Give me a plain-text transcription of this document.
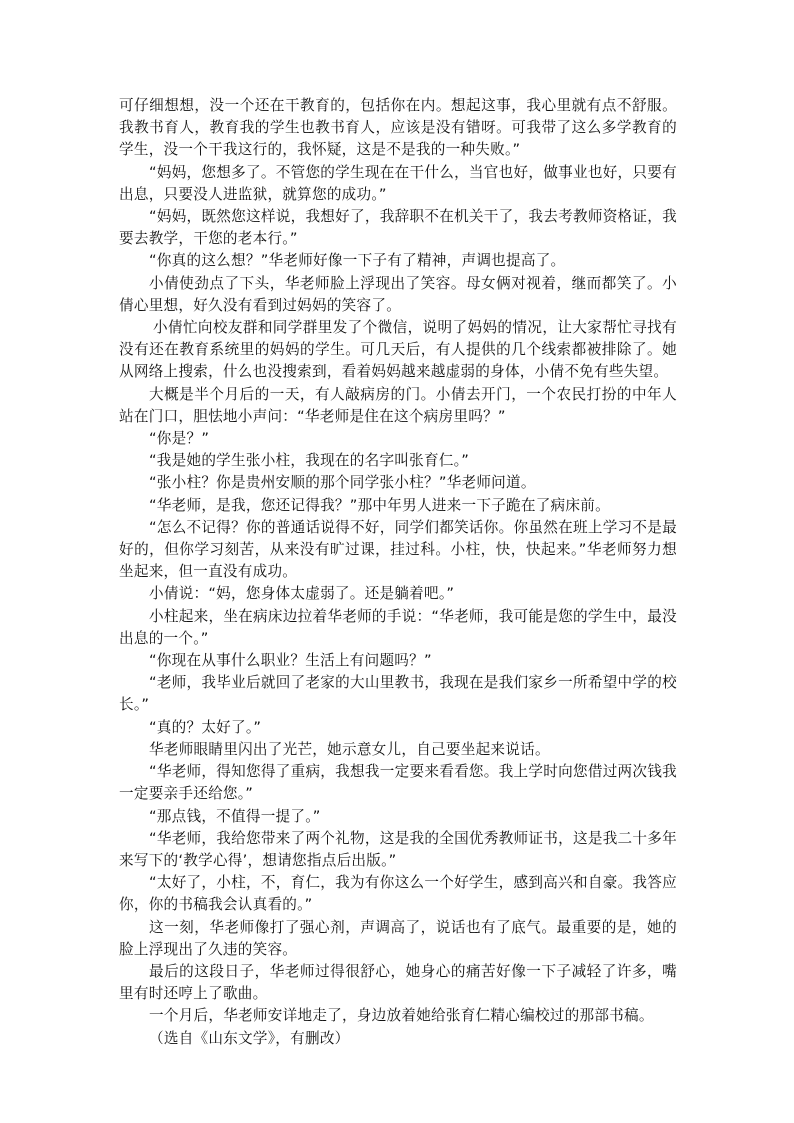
可仔细想想，没一个还在干教育的，包括你在内。想起这事，我心里就有点不舒服。我教书育人，教育我的学生也教书育人，应该是没有错呀。可我带了这么多学教育的学生，没一个干我这行的，我怀疑，这是不是我的一种失败。”

“妈妈，您想多了。不管您的学生现在在干什么，当官也好，做事业也好，只要有出息，只要没人进监狱，就算您的成功。”

“妈妈，既然您这样说，我想好了，我辞职不在机关干了，我去考教师资格证，我要去教学，干您的老本行。”

“你真的这么想？”华老师好像一下子有了精神，声调也提高了。

小倩使劲点了下头，华老师脸上浮现出了笑容。母女俩对视着，继而都笑了。小倩心里想，好久没有看到过妈妈的笑容了。

小倩忙向校友群和同学群里发了个微信，说明了妈妈的情况，让大家帮忙寻找有没有还在教育系统里的妈妈的学生。可几天后，有人提供的几个线索都被排除了。她从网络上搜索，什么也没搜索到，看着妈妈越来越虚弱的身体，小倩不免有些失望。

大概是半个月后的一天，有人敲病房的门。小倩去开门，一个农民打扮的中年人站在门口，胆怯地小声问：“华老师是住在这个病房里吗？”

“你是？”

“我是她的学生张小柱，我现在的名字叫张育仁。”

“张小柱？你是贵州安顺的那个同学张小柱？”华老师问道。

“华老师，是我，您还记得我？”那中年男人进来一下子跪在了病床前。

“怎么不记得？你的普通话说得不好，同学们都笑话你。你虽然在班上学习不是最好的，但你学习刻苦，从来没有旷过课，挂过科。小柱，快，快起来。”华老师努力想坐起来，但一直没有成功。

小倩说：“妈，您身体太虚弱了。还是躺着吧。”

小柱起来，坐在病床边拉着华老师的手说：“华老师，我可能是您的学生中，最没出息的一个。”

“你现在从事什么职业？生活上有问题吗？”

“老师，我毕业后就回了老家的大山里教书，我现在是我们家乡一所希望中学的校长。”

“真的？太好了。”

华老师眼睛里闪出了光芒，她示意女儿，自己要坐起来说话。

“华老师，得知您得了重病，我想我一定要来看看您。我上学时向您借过两次钱我一定要亲手还给您。”

“那点钱，不值得一提了。”

“华老师，我给您带来了两个礼物，这是我的全国优秀教师证书，这是我二十多年来写下的‘教学心得’，想请您指点后出版。”

“太好了，小柱，不，育仁，我为有你这么一个好学生，感到高兴和自豪。我答应你，你的书稿我会认真看的。”

这一刻，华老师像打了强心剂，声调高了，说话也有了底气。最重要的是，她的脸上浮现出了久违的笑容。

最后的这段日子，华老师过得很舒心，她身心的痛苦好像一下子减轻了许多，嘴里有时还哼上了歌曲。

一个月后，华老师安详地走了，身边放着她给张育仁精心编校过的那部书稿。

（选自《山东文学》，有删改）
